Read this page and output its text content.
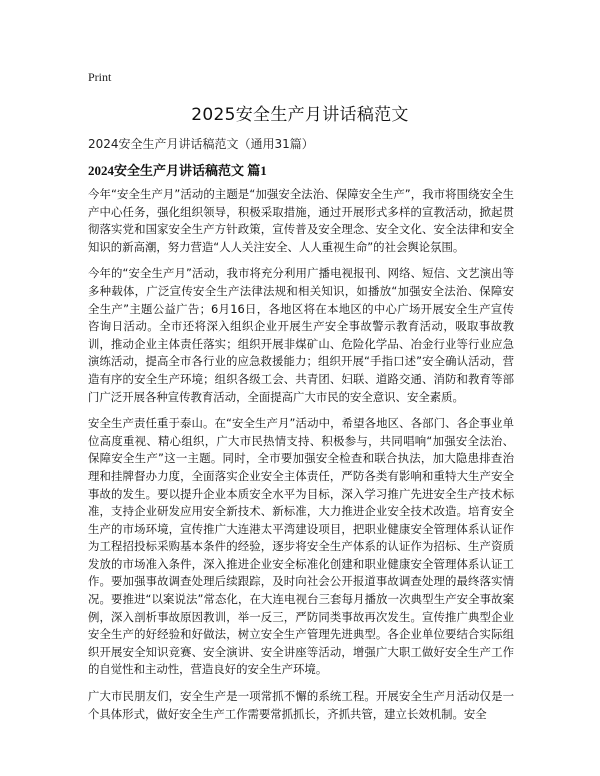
Print
2025安全生产月讲话稿范文

2024安全生产月讲话稿范文（通用31篇）

2024安全生产月讲话稿范文 篇1

今年“安全生产月”活动的主题是“加强安全法治、保障安全生产”，我市将围绕安全生产中心任务，强化组织领导，积极采取措施，通过开展形式多样的宣教活动，掀起贯彻落实党和国家安全生产方针政策，宣传普及安全理念、安全文化、安全法律和安全知识的新高潮，努力营造“人人关注安全、人人重视生命”的社会舆论氛围。

今年的“安全生产月”活动，我市将充分利用广播电视报刊、网络、短信、文艺演出等多种载体，广泛宣传安全生产法律法规和相关知识，如播放“加强安全法治、保障安全生产”主题公益广告；6月16日，各地区将在本地区的中心广场开展安全生产宣传咨询日活动。全市还将深入组织企业开展生产安全事故警示教育活动，吸取事故教训，推动企业主体责任落实；组织开展非煤矿山、危险化学品、冶金行业等行业应急演练活动，提高全市各行业的应急救援能力；组织开展“手指口述”安全确认活动，营造有序的安全生产环境；组织各级工会、共青团、妇联、道路交通、消防和教育等部门广泛开展各种宣传教育活动，全面提高广大市民的安全意识、安全素质。

安全生产责任重于泰山。在“安全生产月”活动中，希望各地区、各部门、各企事业单位高度重视、精心组织，广大市民热情支持、积极参与，共同唱响“加强安全法治、保障安全生产”这一主题。同时，全市要加强安全检查和联合执法，加大隐患排查治理和挂牌督办力度，全面落实企业安全主体责任，严防各类有影响和重特大生产安全事故的发生。要以提升企业本质安全水平为目标，深入学习推广先进安全生产技术标准，支持企业研发应用安全新技术、新标准，大力推进企业安全技术改造。培育安全生产的市场环境，宣传推广大连港太平湾建设项目，把职业健康安全管理体系认证作为工程招投标采购基本条件的经验，逐步将安全生产体系的认证作为招标、生产资质发放的市场准入条件，深入推进企业安全标准化创建和职业健康安全管理体系认证工作。要加强事故调查处理后续跟踪，及时向社会公开报道事故调查处理的最终落实情况。要推进“以案说法”常态化，在大连电视台三套每月播放一次典型生产安全事故案例，深入剖析事故原因教训，举一反三，严防同类事故再次发生。宣传推广典型企业安全生产的好经验和好做法，树立安全生产管理先进典型。各企业单位要结合实际组织开展安全知识竞赛、安全演讲、安全讲座等活动，增强广大职工做好安全生产工作的自觉性和主动性，营造良好的安全生产环境。

广大市民朋友们，安全生产是一项常抓不懈的系统工程。开展安全生产月活动仅是一个具体形式，做好安全生产工作需要常抓抓长，齐抓共管，建立长效机制。安全
